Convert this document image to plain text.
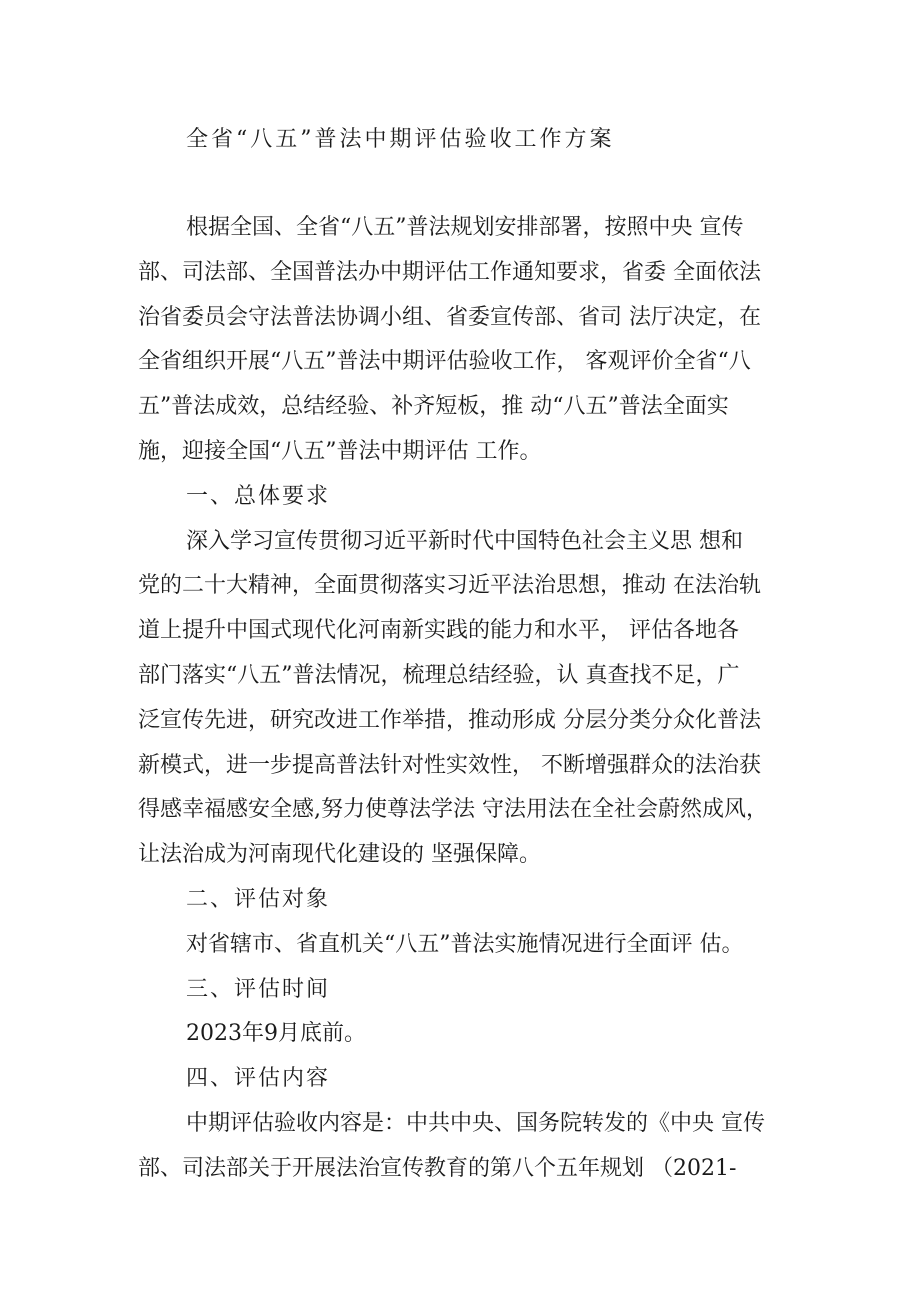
全省“八五”普法中期评估验收工作方案
根据全国、全省“八五”普法规划安排部署，按照中央 宣传
部、司法部、全国普法办中期评估工作通知要求，省委 全面依法
治省委员会守法普法协调小组、省委宣传部、省司 法厅决定，在
全省组织开展“八五”普法中期评估验收工作， 客观评价全省“八
五”普法成效，总结经验、补齐短板，推 动“八五”普法全面实
施，迎接全国“八五”普法中期评估 工作。
一、总体要求
深入学习宣传贯彻习近平新时代中国特色社会主义思 想和
党的二十大精神，全面贯彻落实习近平法治思想，推动 在法治轨
道上提升中国式现代化河南新实践的能力和水平， 评估各地各
部门落实“八五”普法情况，梳理总结经验，认 真查找不足，广
泛宣传先进，研究改进工作举措，推动形成 分层分类分众化普法
新模式，进一步提高普法针对性实效性， 不断增强群众的法治获
得感幸福感安全感,努力使尊法学法 守法用法在全社会蔚然成风，
让法治成为河南现代化建设的 坚强保障。
二、评估对象
对省辖市、省直机关“八五”普法实施情况进行全面评 估。
三、评估时间
2023年9月底前。
四、评估内容
中期评估验收内容是：中共中央、国务院转发的《中央 宣传
部、司法部关于开展法治宣传教育的第八个五年规划 （2021-
